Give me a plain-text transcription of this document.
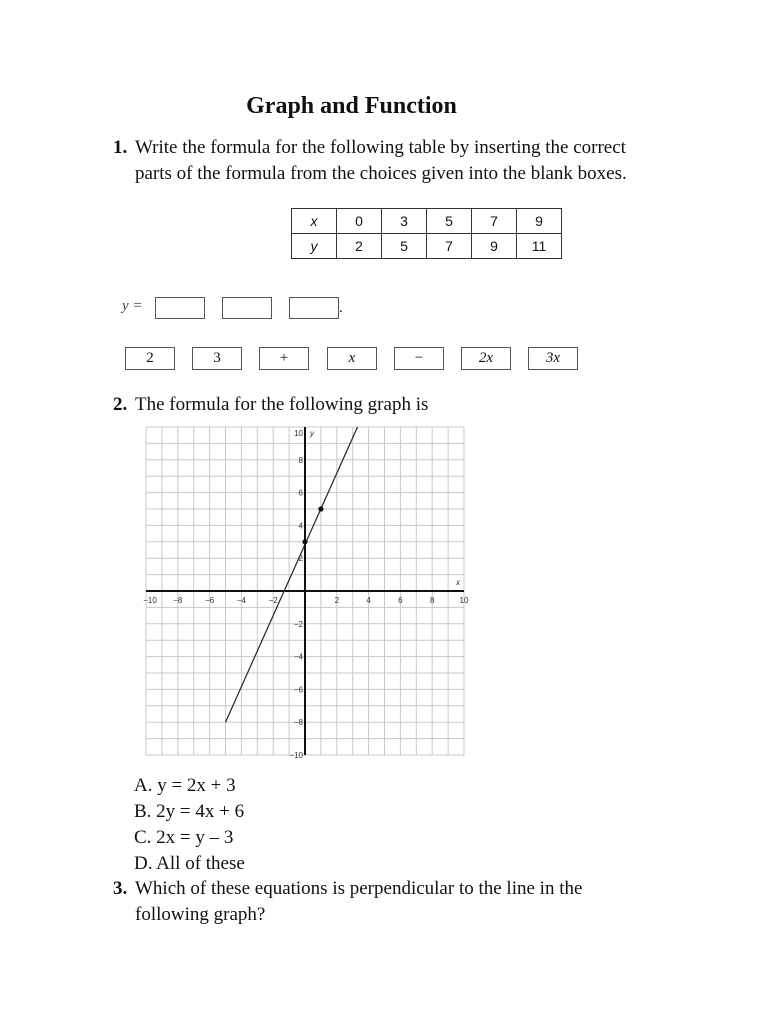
Graph and Function
1. Write the formula for the following table by inserting the correct
parts of the formula from the choices given into the blank boxes.
x	0	3	5	7	9
y	2	5	7	9	11
y =	.
2	3	+	x	−	2x	3x
2. The formula for the following graph is
−10 −8	−6	−4	−2	2	4	6	8	10
10
8
6
4
2
−2
−4
−6
−8
−10
x
y
A. y = 2x + 3
B. 2y = 4x + 6
C. 2x = y – 3
D. All of these
3. Which of these equations is perpendicular to the line in the
following graph?
